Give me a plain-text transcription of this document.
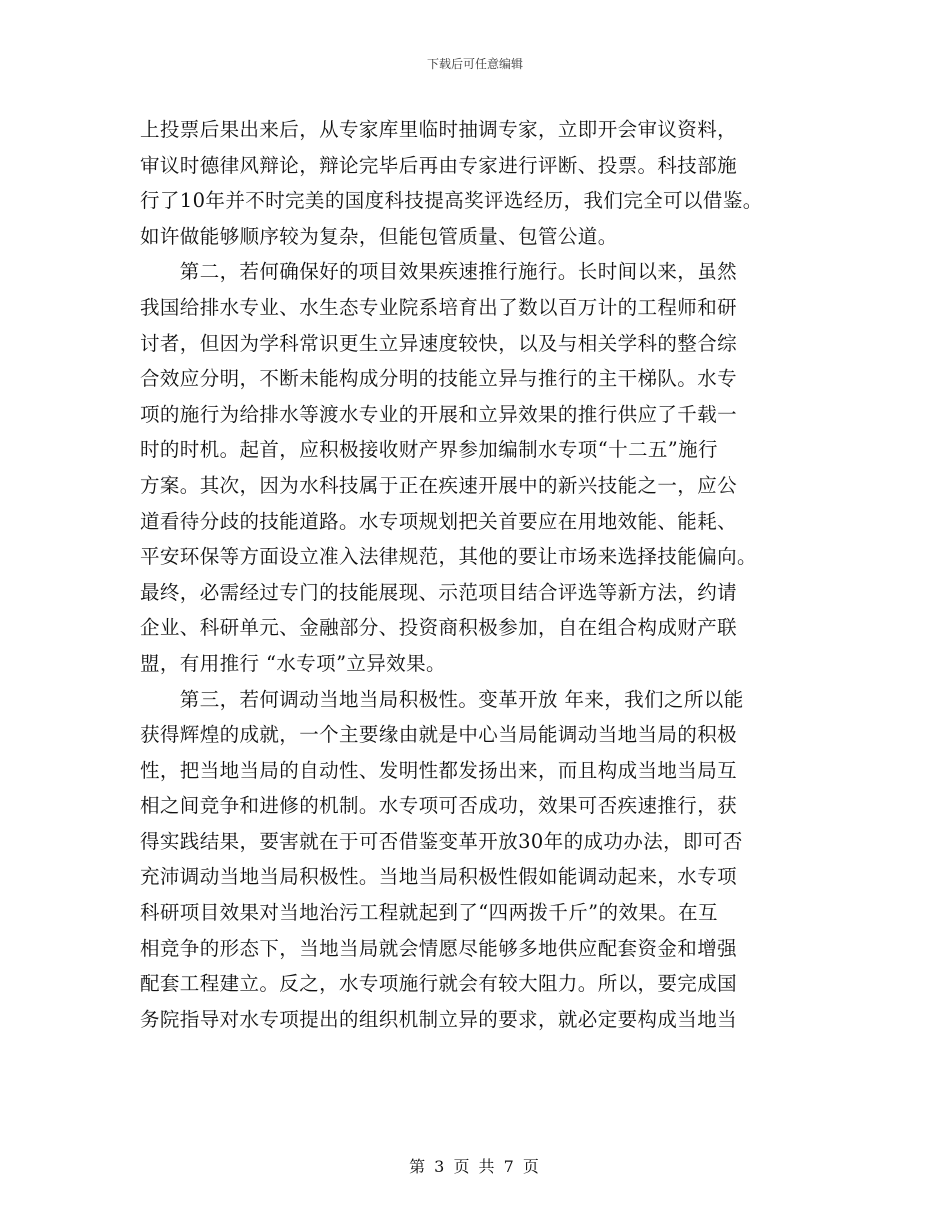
下载后可任意编辑
上投票后果出来后，从专家库里临时抽调专家，立即开会审议资料，
审议时德律风辩论，辩论完毕后再由专家进行评断、投票。科技部施
行了10年并不时完美的国度科技提高奖评选经历，我们完全可以借鉴。
如许做能够顺序较为复杂，但能包管质量、包管公道。
　　第二，若何确保好的项目效果疾速推行施行。长时间以来，虽然
我国给排水专业、水生态专业院系培育出了数以百万计的工程师和研
讨者，但因为学科常识更生立异速度较快，以及与相关学科的整合综
合效应分明，不断未能构成分明的技能立异与推行的主干梯队。水专
项的施行为给排水等渡水专业的开展和立异效果的推行供应了千载一
时的时机。起首，应积极接收财产界参加编制水专项“十二五”施行
方案。其次，因为水科技属于正在疾速开展中的新兴技能之一，应公
道看待分歧的技能道路。水专项规划把关首要应在用地效能、能耗、
平安环保等方面设立准入法律规范，其他的要让市场来选择技能偏向。
最终，必需经过专门的技能展现、示范项目结合评选等新方法，约请
企业、科研单元、金融部分、投资商积极参加，自在组合构成财产联
盟，有用推行 “水专项”立异效果。
　　第三，若何调动当地当局积极性。变革开放 年来，我们之所以能
获得辉煌的成就，一个主要缘由就是中心当局能调动当地当局的积极
性，把当地当局的自动性、发明性都发扬出来，而且构成当地当局互
相之间竞争和进修的机制。水专项可否成功，效果可否疾速推行，获
得实践结果，要害就在于可否借鉴变革开放30年的成功办法，即可否
充沛调动当地当局积极性。当地当局积极性假如能调动起来，水专项
科研项目效果对当地治污工程就起到了“四两拨千斤”的效果。在互
相竞争的形态下，当地当局就会情愿尽能够多地供应配套资金和增强
配套工程建立。反之，水专项施行就会有较大阻力。所以，要完成国
务院指导对水专项提出的组织机制立异的要求，就必定要构成当地当
第 3 页 共 7 页
